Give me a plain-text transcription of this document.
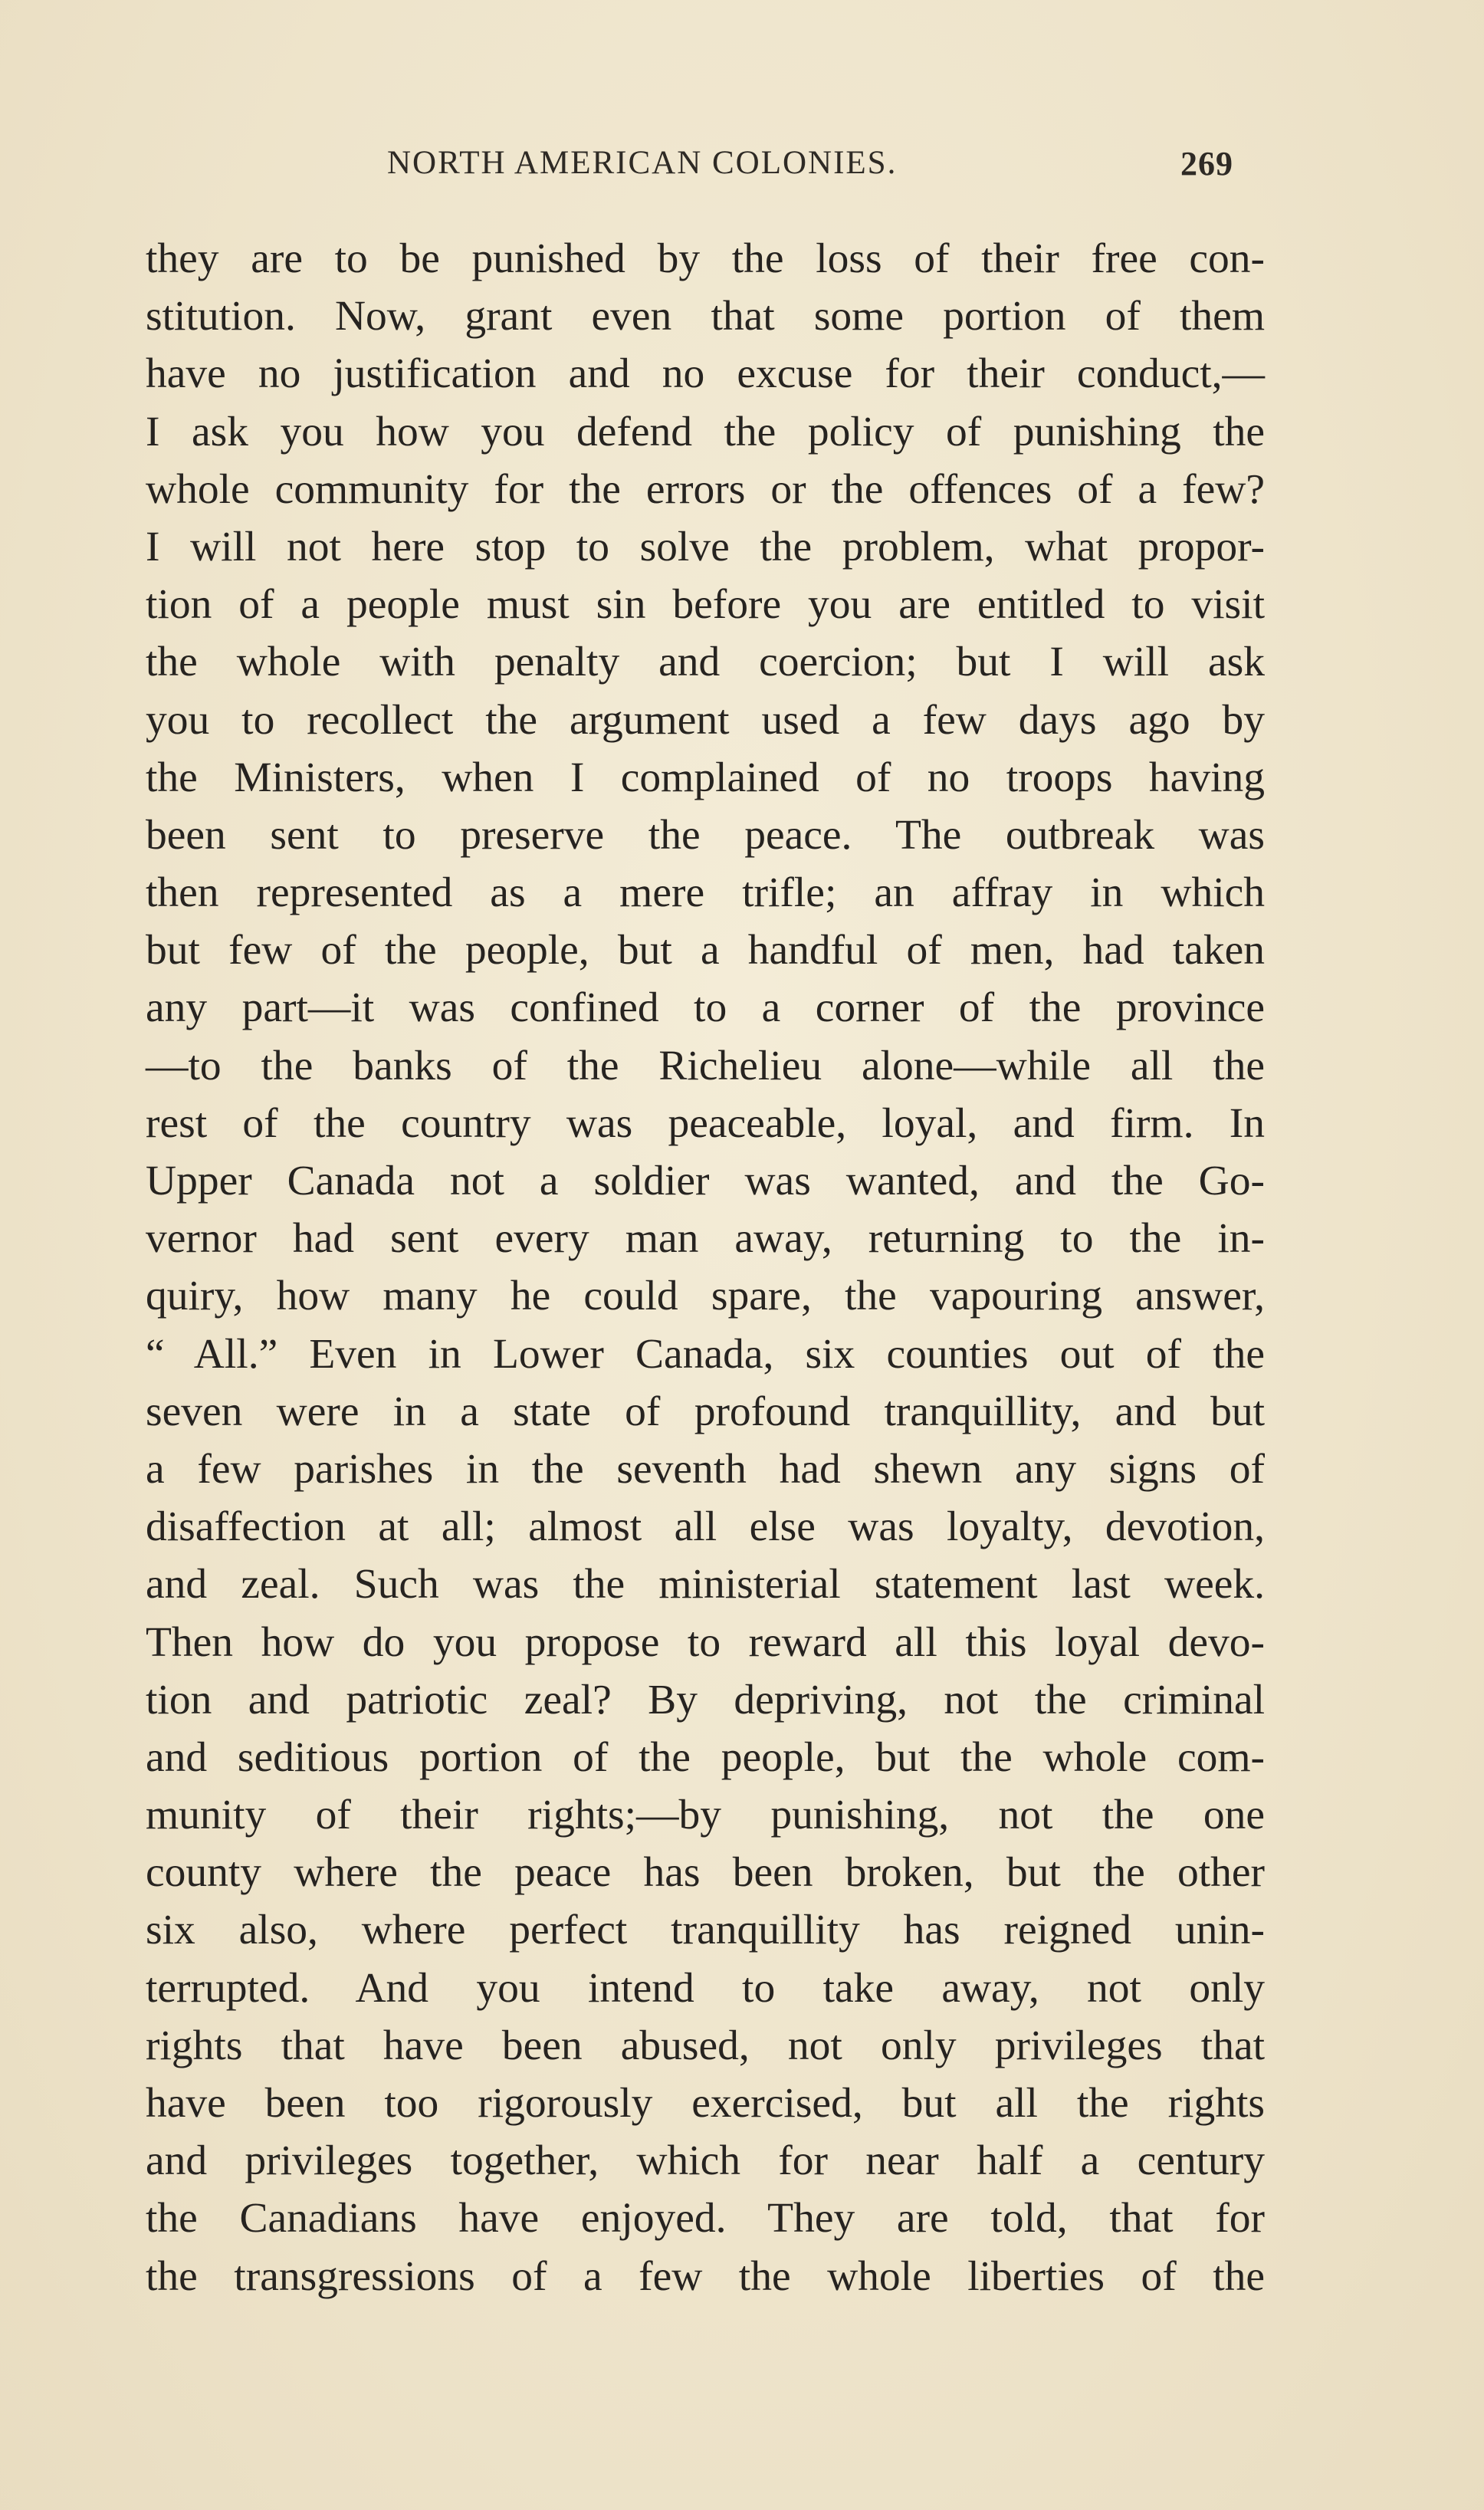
NORTH AMERICAN COLONIES.	269
they are to be punished by the loss of their free con-
stitution. Now, grant even that some portion of them
have no justification and no excuse for their conduct,—
I ask you how you defend the policy of punishing the
whole community for the errors or the offences of a few?
I will not here stop to solve the problem, what propor-
tion of a people must sin before you are entitled to visit
the whole with penalty and coercion; but I will ask
you to recollect the argument used a few days ago by
the Ministers, when I complained of no troops having
been sent to preserve the peace. The outbreak was
then represented as a mere trifle; an affray in which
but few of the people, but a handful of men, had taken
any part—it was confined to a corner of the province
—to the banks of the Richelieu alone—while all the
rest of the country was peaceable, loyal, and firm. In
Upper Canada not a soldier was wanted, and the Go-
vernor had sent every man away, returning to the in-
quiry, how many he could spare, the vapouring answer,
“ All.” Even in Lower Canada, six counties out of the
seven were in a state of profound tranquillity, and but
a few parishes in the seventh had shewn any signs of
disaffection at all; almost all else was loyalty, devotion,
and zeal. Such was the ministerial statement last week.
Then how do you propose to reward all this loyal devo-
tion and patriotic zeal? By depriving, not the criminal
and seditious portion of the people, but the whole com-
munity of their rights;—by punishing, not the one
county where the peace has been broken, but the other
six also, where perfect tranquillity has reigned unin-
terrupted. And you intend to take away, not only
rights that have been abused, not only privileges that
have been too rigorously exercised, but all the rights
and privileges together, which for near half a century
the Canadians have enjoyed. They are told, that for
the transgressions of a few the whole liberties of the
